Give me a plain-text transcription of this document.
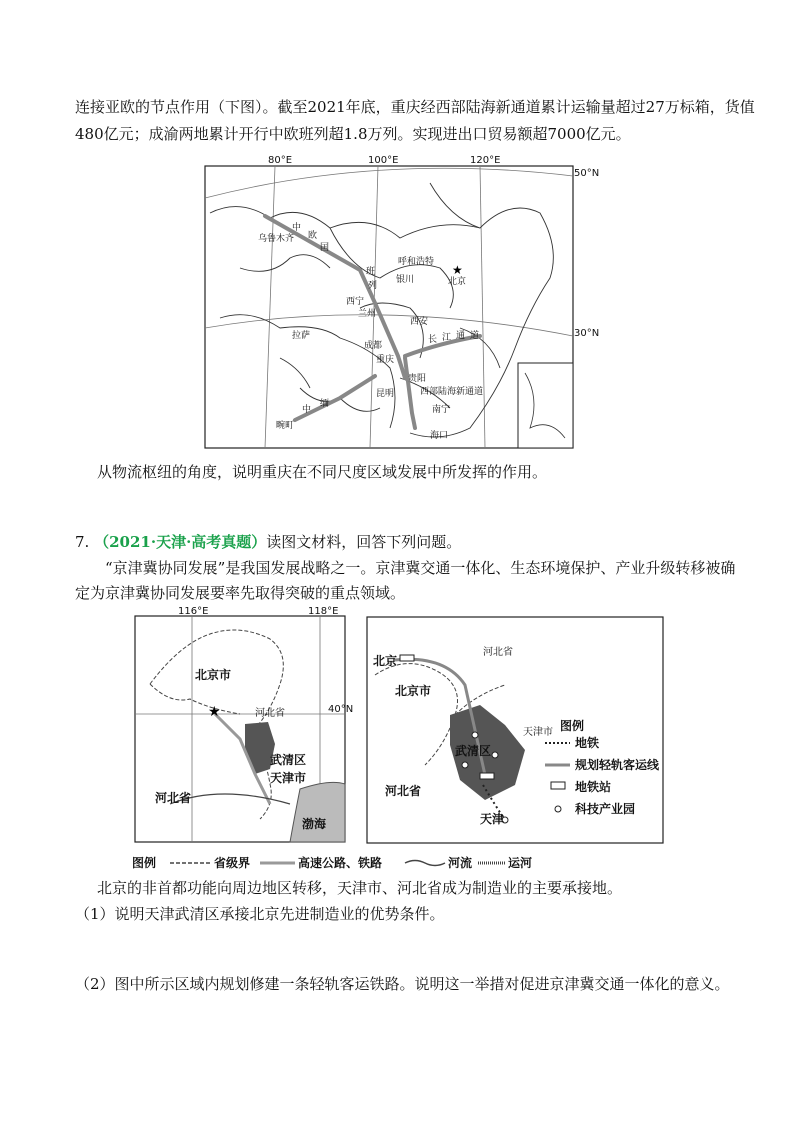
连接亚欧的节点作用（下图）。截至2021年底，重庆经西部陆海新通道累计运输量超过27万标箱，货值
480亿元；成渝两地累计开行中欧班列超1.8万列。实现进出口贸易额超7000亿元。
80°E	100°E	120°E
50°N
30°N
乌鲁木齐
呼和浩特
北京
★
银川
西宁
兰州
西安
成都
重庆
拉萨
贵阳
昆明
南宁
海口
畹町
中
欧
国
班
列
中
缅
长 江 通 道
西部陆海新通道
从物流枢纽的角度，说明重庆在不同尺度区域发展中所发挥的作用。
7. （2021·天津·高考真题）读图文材料，回答下列问题。
“京津冀协同发展”是我国发展战略之一。京津冀交通一体化、生态环境保护、产业升级转移被确
定为京津冀协同发展要率先取得突破的重点领域。
116°E	118°E
40°N
★
北京市
河北省
天津市
武清区
渤海
河北省
北京
北京市
河北省
河北省
武清区
天津市
天津
图例
地铁
规划轻轨客运线
地铁站
科技产业园
图例	省级界	高速公路、铁路	河流	运河
北京的非首都功能向周边地区转移，天津市、河北省成为制造业的主要承接地。
（1）说明天津武清区承接北京先进制造业的优势条件。
（2）图中所示区域内规划修建一条轻轨客运铁路。说明这一举措对促进京津冀交通一体化的意义。
